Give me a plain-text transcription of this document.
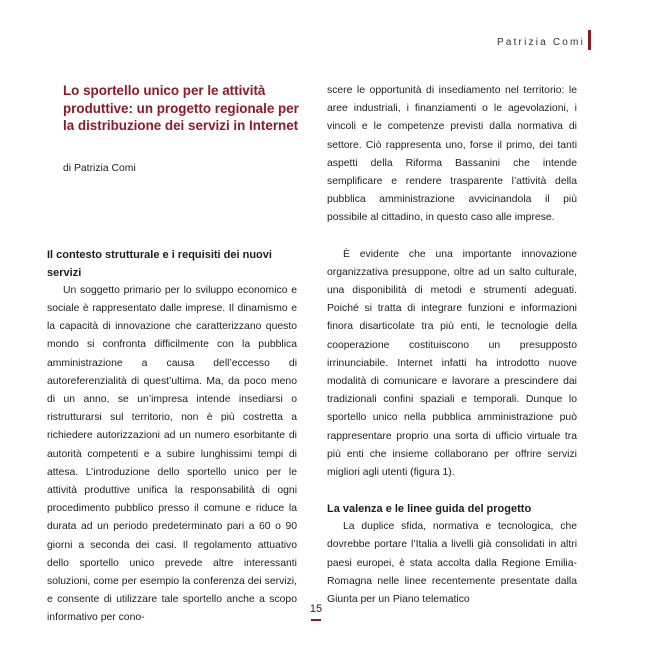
Patrizia Comi
Lo sportello unico per le attività produttive: un progetto regionale per la distribuzione dei servizi in Internet
di Patrizia Comi
Il contesto strutturale e i requisiti dei nuovi servizi

Un soggetto primario per lo sviluppo economico e sociale è rappresentato dalle imprese. Il dinamismo e la capacità di innovazione che caratterizzano questo mondo si confronta difficilmente con la pubblica amministrazione a causa dell’eccesso di autoreferenzialità di quest’ultima. Ma, da poco meno di un anno, se un’impresa intende insediarsi o ristrutturarsi sul territorio, non è più costretta a richiedere autorizzazioni ad un numero esorbitante di autorità competenti e a subire lunghissimi tempi di attesa. L’introduzione dello sportello unico per le attività produttive unifica la responsabilità di ogni procedimento pubblico presso il comune e riduce la durata ad un periodo predeterminato pari a 60 o 90 giorni a seconda dei casi. Il regolamento attuativo dello sportello unico prevede altre interessanti soluzioni, come per esempio la conferenza dei servizi, e consente di utilizzare tale sportello anche a scopo informativo per cono-

scere le opportunità di insediamento nel territorio: le aree industriali, i finanziamenti o le agevolazioni, i vincoli e le competenze previsti dalla normativa di settore. Ciò rappresenta uno, forse il primo, dei tanti aspetti della Riforma Bassanini che intende semplificare e rendere trasparente l’attività della pubblica amministrazione avvicinandola il più possibile al cittadino, in questo caso alle imprese.

È evidente che una importante innovazione organizzativa presuppone, oltre ad un salto culturale, una disponibilità di metodi e strumenti adeguati. Poiché si tratta di integrare funzioni e informazioni finora disarticolate tra più enti, le tecnologie della cooperazione costituiscono un presupposto irrinunciabile. Internet infatti ha introdotto nuove modalità di comunicare e lavorare a prescindere dai tradizionali confini spaziali e temporali. Dunque lo sportello unico nella pubblica amministrazione può rappresentare proprio una sorta di ufficio virtuale tra più enti che insieme collaborano per offrire servizi migliori agli utenti (figura 1).

La valenza e le linee guida del progetto

La duplice sfida, normativa e tecnologica, che dovrebbe portare l’Italia a livelli già consolidati in altri paesi europei, è stata accolta dalla Regione Emilia-Romagna nelle linee recentemente presentate dalla Giunta per un Piano telematico

15
